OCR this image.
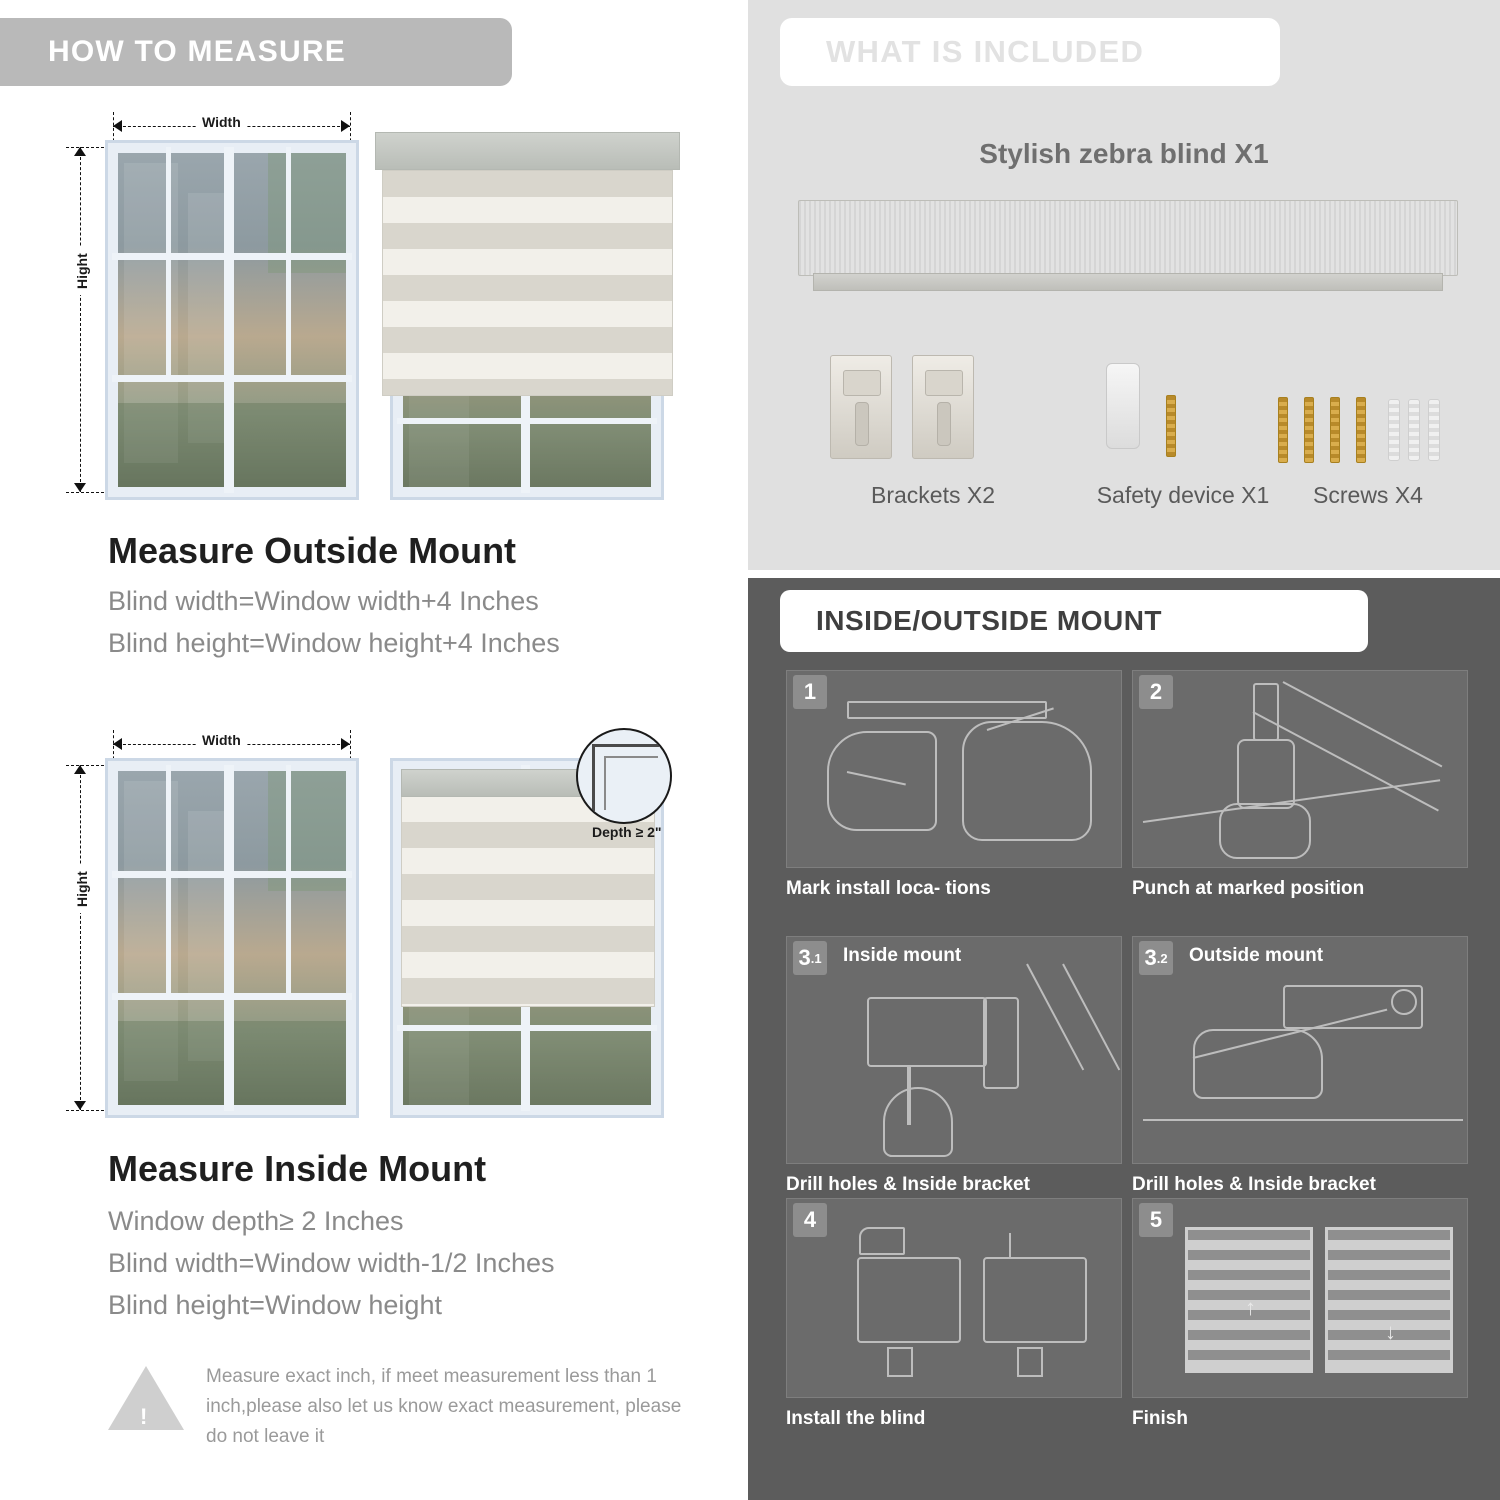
HOW TO MEASURE
Width
Hight
Measure Outside Mount
Blind width=Window width+4 Inches
Blind height=Window height+4 Inches
Width
Hight
Depth ≥ 2"
Measure Inside Mount
Window depth≥ 2 Inches
Blind width=Window width-1/2 Inches
Blind height=Window height
!

Measure exact inch, if meet measurement less than 1 inch,please also let us know exact measurement, please do not leave it

WHAT IS INCLUDED
Stylish zebra blind X1
Brackets X2	Safety device X1	Screws X4
INSIDE/OUTSIDE MOUNT
1
Mark install loca- tions
2
Punch at marked position
3 .1 Inside mount
Drill holes & Inside bracket
3 .2 Outside mount
Drill holes & Inside bracket
4
Install the blind
5
↑
↓
Finish
